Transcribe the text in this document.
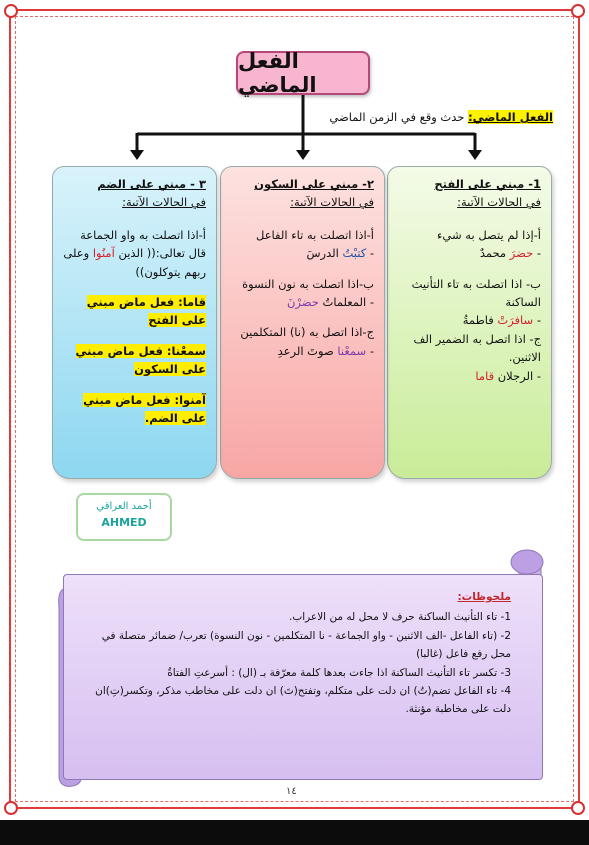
الفعل الماضي
الفعل الماضي: حدث وقع في الزمن الماضي
1- مبني على الفتح
في الحالات الآتية:
أ-إذا لم يتصل به شيء
- حضرَ محمدٌ
ب- اذا اتصلت به تاء التأنيث الساكنة
- سافرَتْ فاطمةُ
ج- اذا اتصل به الضمير الف الاثنين.
- الرجلان قاما
٢- مبني على السكون
في الحالات الآتية:
أ-اذا اتصلت به تاء الفاعل
- كتبْتُ الدرسَ
ب-اذا اتصلت به نون النسوة
- المعلماتُ حضرْنَ
ج-اذا اتصل به (نا) المتكلمين
- سمعْنا صوتَ الرعدِ
٣ - مبني على الضم
في الحالات الآتية:
أ-اذا اتصلت به واو الجماعة قال تعالى:(( الذين آمنُوا وعلى ربهم يتوكلون))
قاما: فعل ماض مبني على الفتح
سمعْنا: فعل ماض مبني على السكون
آمنوا: فعل ماض مبني على الضم.
أحمد العراقي
AHMED
ملحوظات:
1- تاء التأنيث الساكنة حرف لا محل له من الاعراب.
2- (تاء الفاعل -الف الاثنين - واو الجماعة - نا المتكلمين - نون النسوة) تعرب/ ضمائر متصلة في محل رفع فاعل (غالبا)
3- تكسر تاء التأنيث الساكنة اذا جاءت بعدها كلمة معرّفة بـ (ال) : أسرعتِ الفتاةُ
4- تاء الفاعل تضم(تُ) ان دلت على متكلم، وتفتح(تَ) ان دلت على مخاطب مذكر، وتكسر(تِ)ان دلت على مخاطبة مؤنثة.
١٤
